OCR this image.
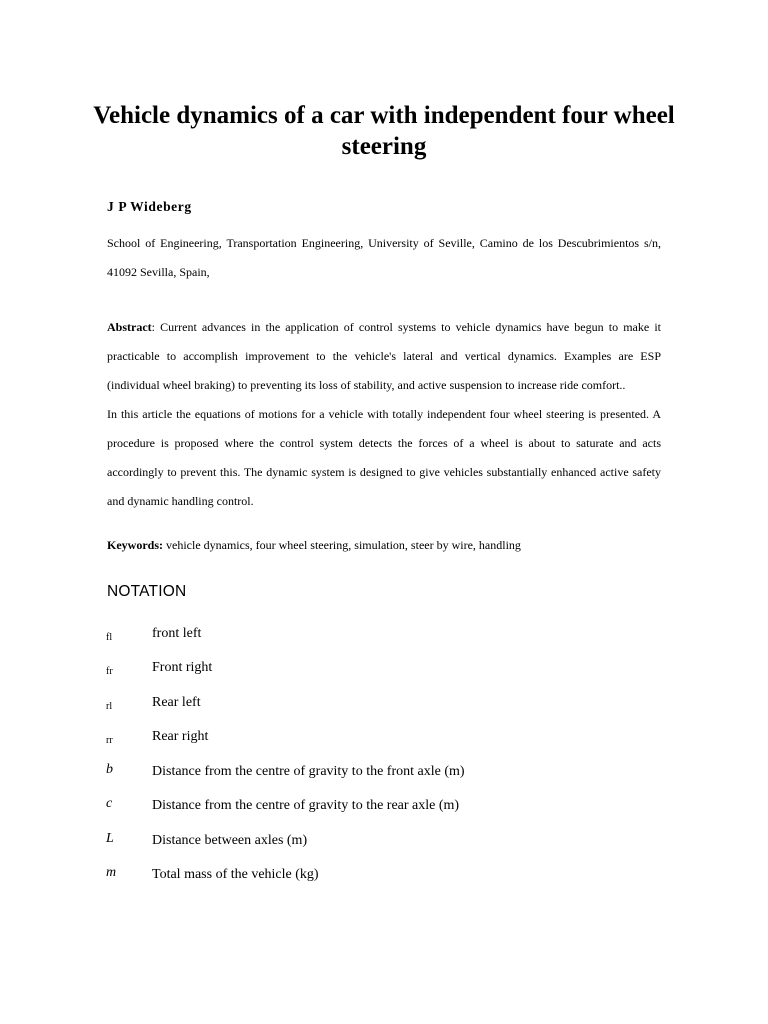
Vehicle dynamics of a car with independent four wheel steering
J P Wideberg

School of Engineering, Transportation Engineering, University of Seville, Camino de los Descubrimientos s/n, 41092 Sevilla, Spain,

Abstract: Current advances in the application of control systems to vehicle dynamics have begun to make it practicable to accomplish improvement to the vehicle's lateral and vertical dynamics. Examples are ESP (individual wheel braking) to preventing its loss of stability, and active suspension to increase ride comfort..

In this article the equations of motions for a vehicle with totally independent four wheel steering is presented. A procedure is proposed where the control system detects the forces of a wheel is about to saturate and acts accordingly to prevent this. The dynamic system is designed to give vehicles substantially enhanced active safety and dynamic handling control.

Keywords: vehicle dynamics, four wheel steering, simulation, steer by wire, handling

NOTATION
fl	front left
fr	Front right
rl	Rear left
rr	Rear right
b	Distance from the centre of gravity to the front axle (m)
c	Distance from the centre of gravity to the rear axle (m)
L	Distance between axles (m)
m	Total mass of the vehicle (kg)
